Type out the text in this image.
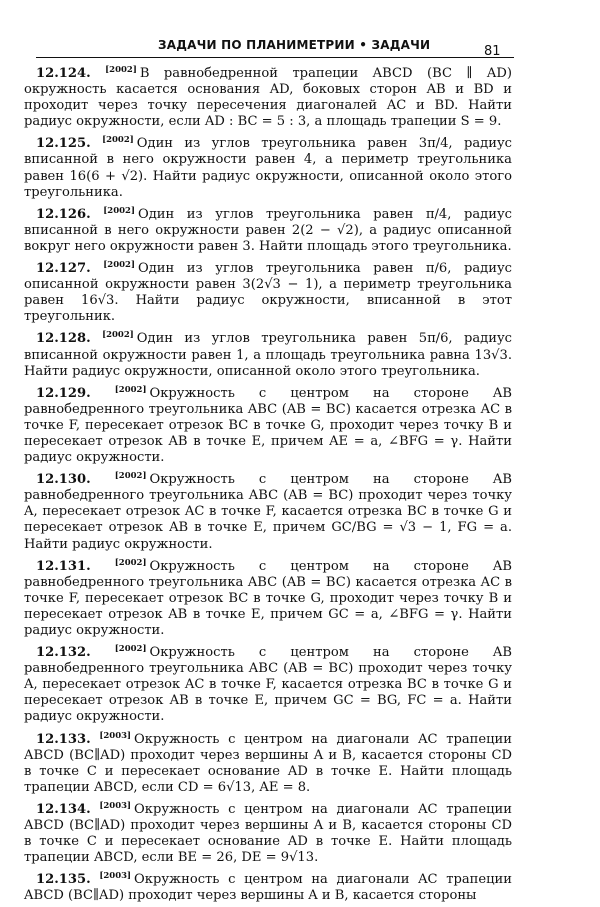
ЗАДАЧИ ПО ПЛАНИМЕТРИИ • ЗАДАЧИ	81

12.124. [2002] В равнобедренной трапеции ABCD (BC ∥ AD) окружность касается основания AD, боковых сторон AB и BD и проходит через точку пересечения диагоналей AC и BD. Найти радиус окружности, если AD : BC = 5 : 3, а площадь трапеции S = 9.

12.125. [2002] Один из углов треугольника равен 3π/4, радиус вписанной в него окружности равен 4, а периметр треугольника равен 16(6 + √2). Найти радиус окружности, описанной около этого треугольника.

12.126. [2002] Один из углов треугольника равен π/4, радиус вписанной в него окружности равен 2(2 − √2), а радиус описанной вокруг него окружности равен 3. Найти площадь этого треугольника.

12.127. [2002] Один из углов треугольника равен π/6, радиус описанной окружности равен 3(2√3 − 1), а периметр треугольника равен 16√3. Найти радиус окружности, вписанной в этот треугольник.

12.128. [2002] Один из углов треугольника равен 5π/6, радиус вписанной окружности равен 1, а площадь треугольника равна 13√3. Найти радиус окружности, описанной около этого треугольника.

12.129.	[2002] Окружность с центром на стороне AB равнобедренного треугольника ABC (AB = BC) касается отрезка AC в точке F, пересекает отрезок BC в точке G, проходит через точку B и пересекает отрезок AB в точке E, причем AE = a, ∠BFG = γ. Найти радиус окружности.

12.130.	[2002] Окружность с центром на стороне AB равнобедренного треугольника ABC (AB = BC) проходит через точку A, пересекает отрезок AC в точке F, касается отрезка BC в точке G и пересекает отрезок AB в точке E, причем GC/BG = √3 − 1, FG = a. Найти радиус окружности.

12.131.	[2002] Окружность с центром на стороне AB равнобедренного треугольника ABC (AB = BC) касается отрезка AC в точке F, пересекает отрезок BC в точке G, проходит через точку B и пересекает отрезок AB в точке E, причем GC = a, ∠BFG = γ. Найти радиус окружности.

12.132.	[2002] Окружность с центром на стороне AB равнобедренного треугольника ABC (AB = BC) проходит через точку A, пересекает отрезок AC в точке F, касается отрезка BC в точке G и пересекает отрезок AB в точке E, причем GC = BG, FC = a. Найти радиус окружности.

12.133. [2003] Окружность с центром на диагонали AC трапеции ABCD (BC∥AD) проходит через вершины A и B, касается стороны CD в точке C и пересекает основание AD в точке E. Найти площадь трапеции ABCD, если CD = 6√13, AE = 8.

12.134. [2003] Окружность с центром на диагонали AC трапеции ABCD (BC∥AD) проходит через вершины A и B, касается стороны CD в точке C и пересекает основание AD в точке E. Найти площадь трапеции ABCD, если BE = 26, DE = 9√13.

12.135. [2003] Окружность с центром на диагонали AC трапеции ABCD (BC∥AD) проходит через вершины A и B, касается стороны
